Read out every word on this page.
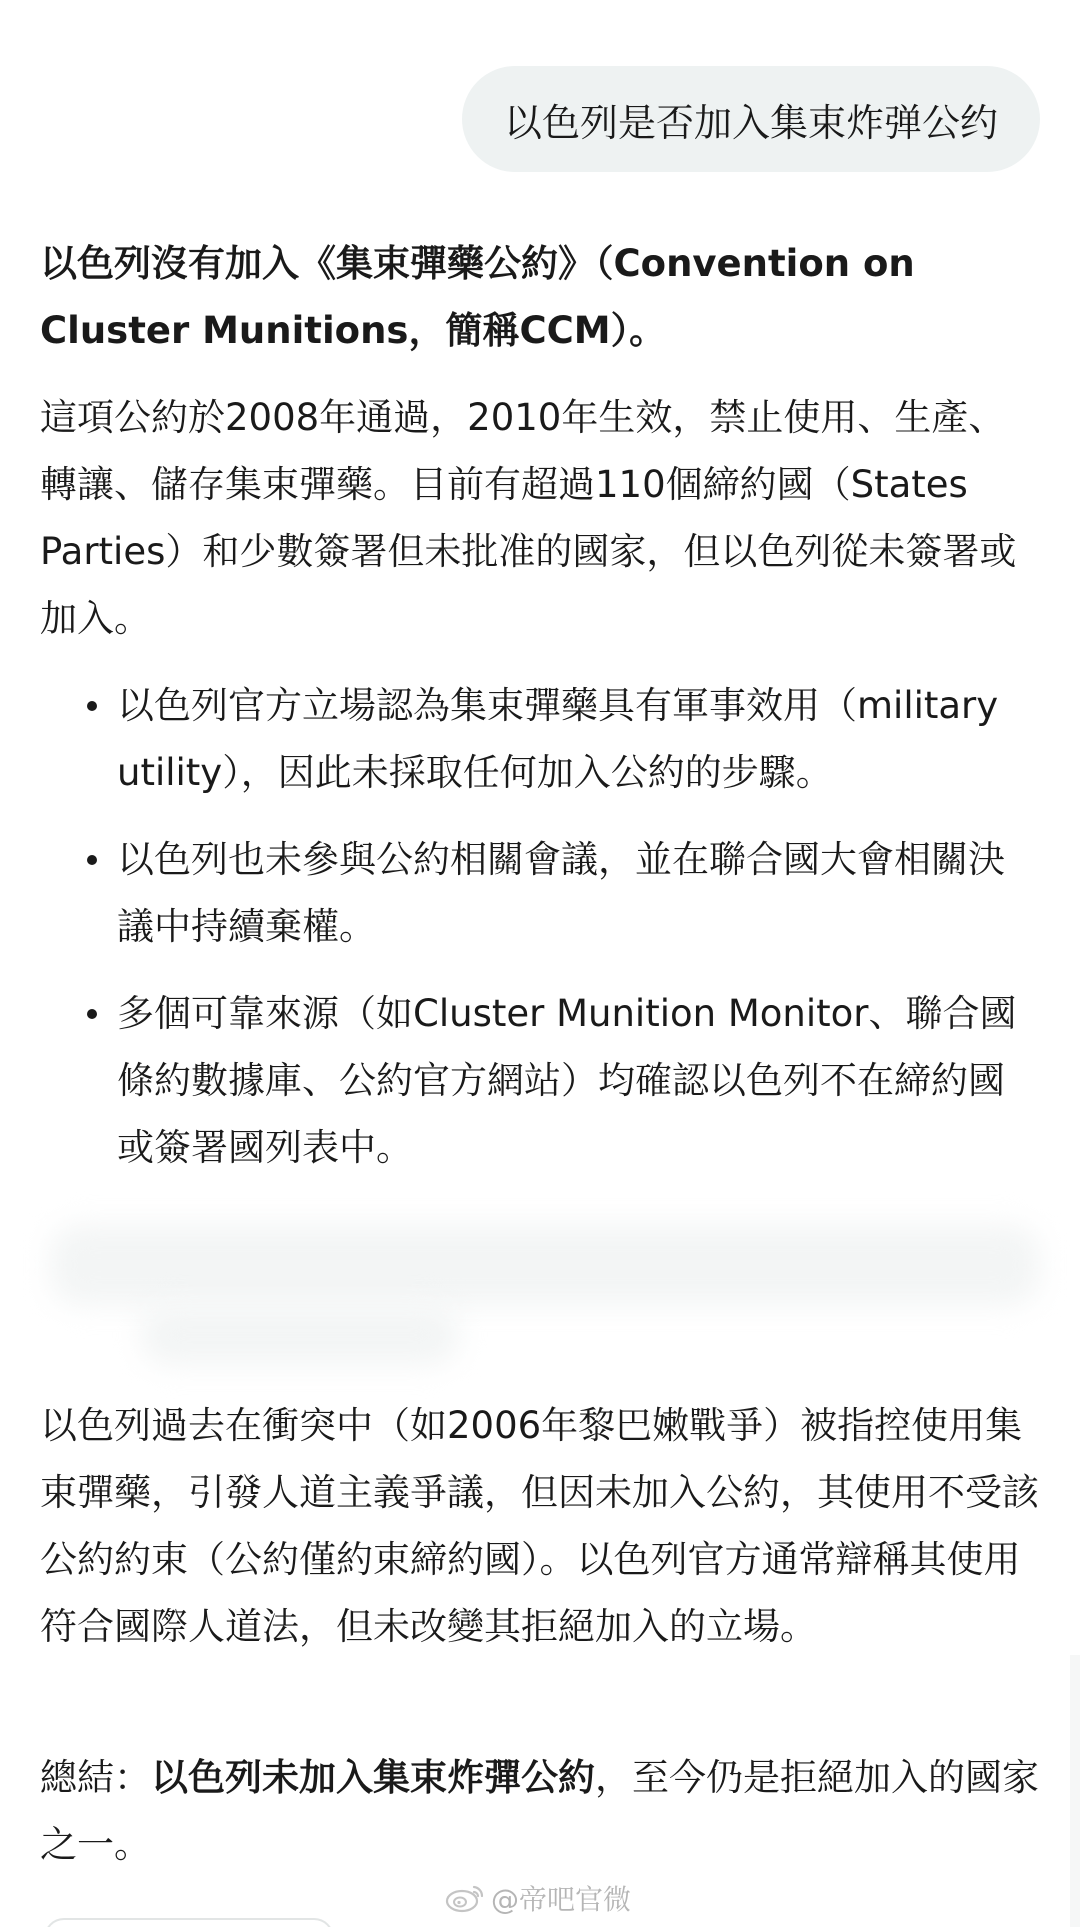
以色列是否加入集束炸弹公约
以色列沒有加入《集束彈藥公約》（Convention on Cluster Munitions，簡稱CCM）。
這項公約於2008年通過，2010年生效，禁止使用、生產、轉讓、儲存集束彈藥。目前有超過110個締約國（States Parties）和少數簽署但未批准的國家，但以色列從未簽署或加入。
以色列官方立場認為集束彈藥具有軍事效用（military utility），因此未採取任何加入公約的步驟。
以色列也未參與公約相關會議，並在聯合國大會相關決議中持續棄權。
多個可靠來源（如Cluster Munition Monitor、聯合國條約數據庫、公約官方網站）均確認以色列不在締約國或簽署國列表中。
以色列過去在衝突中（如2006年黎巴嫩戰爭）被指控使用集束彈藥，引發人道主義爭議，但因未加入公約，其使用不受該公約約束（公約僅約束締約國）。以色列官方通常辯稱其使用符合國際人道法，但未改變其拒絕加入的立場。
總結：以色列未加入集束炸彈公約，至今仍是拒絕加入的國家之一。
@帝吧官微
